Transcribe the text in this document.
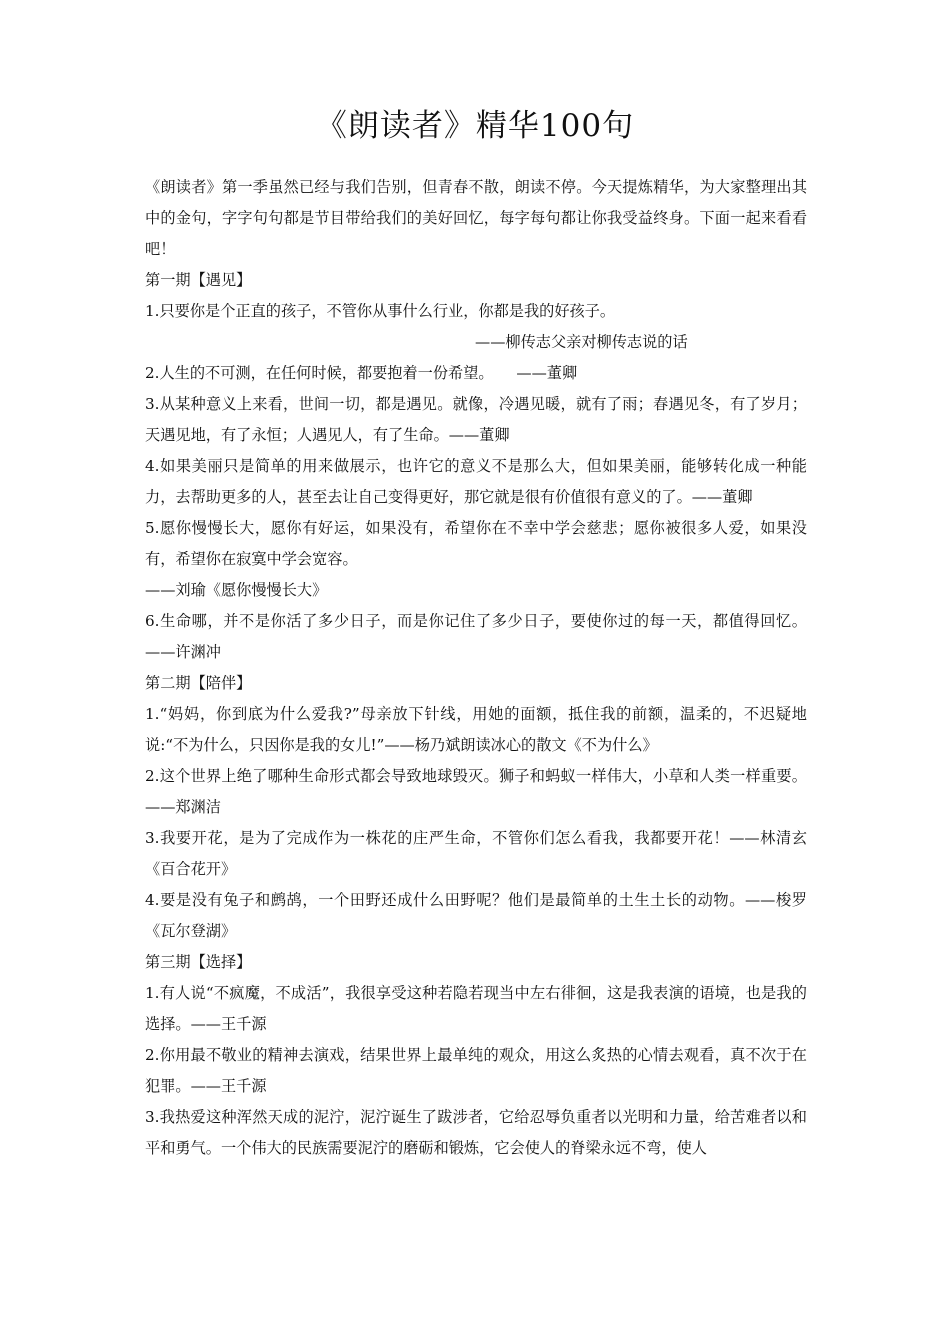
《朗读者》精华100句

《朗读者》第一季虽然已经与我们告别，但青春不散，朗读不停。今天提炼精华，为大家整理出其中的金句，字字句句都是节目带给我们的美好回忆，每字每句都让你我受益终身。下面一起来看看吧！

第一期【遇见】

1.只要你是个正直的孩子，不管你从事什么行业，你都是我的好孩子。

——柳传志父亲对柳传志说的话

2.人生的不可测，在任何时候，都要抱着一份希望。　　——董卿

3.从某种意义上来看，世间一切，都是遇见。就像，冷遇见暖，就有了雨；春遇见冬，有了岁月；天遇见地，有了永恒；人遇见人，有了生命。——董卿

4.如果美丽只是简单的用来做展示，也许它的意义不是那么大，但如果美丽，能够转化成一种能力，去帮助更多的人，甚至去让自己变得更好，那它就是很有价值很有意义的了。——董卿

5.愿你慢慢长大，愿你有好运，如果没有，希望你在不幸中学会慈悲；愿你被很多人爱，如果没有，希望你在寂寞中学会宽容。

——刘瑜《愿你慢慢长大》

6.生命哪，并不是你活了多少日子，而是你记住了多少日子，要使你过的每一天，都值得回忆。——许渊冲

第二期【陪伴】

1.“妈妈，你到底为什么爱我?”母亲放下针线，用她的面额，抵住我的前额，温柔的，不迟疑地说:“不为什么，只因你是我的女儿!”——杨乃斌朗读冰心的散文《不为什么》

2.这个世界上绝了哪种生命形式都会导致地球毁灭。狮子和蚂蚁一样伟大，小草和人类一样重要。——郑渊洁

3.我要开花，是为了完成作为一株花的庄严生命，不管你们怎么看我，我都要开花！——林清玄《百合花开》

4.要是没有兔子和鹧鸪，一个田野还成什么田野呢？他们是最简单的土生土长的动物。——梭罗《瓦尔登湖》

第三期【选择】

1.有人说“不疯魔，不成活”，我很享受这种若隐若现当中左右徘徊，这是我表演的语境，也是我的选择。——王千源

2.你用最不敬业的精神去演戏，结果世界上最单纯的观众，用这么炙热的心情去观看，真不次于在犯罪。——王千源

3.我热爱这种浑然天成的泥泞，泥泞诞生了跋涉者，它给忍辱负重者以光明和力量，给苦难者以和平和勇气。一个伟大的民族需要泥泞的磨砺和锻炼，它会使人的脊梁永远不弯，使人
